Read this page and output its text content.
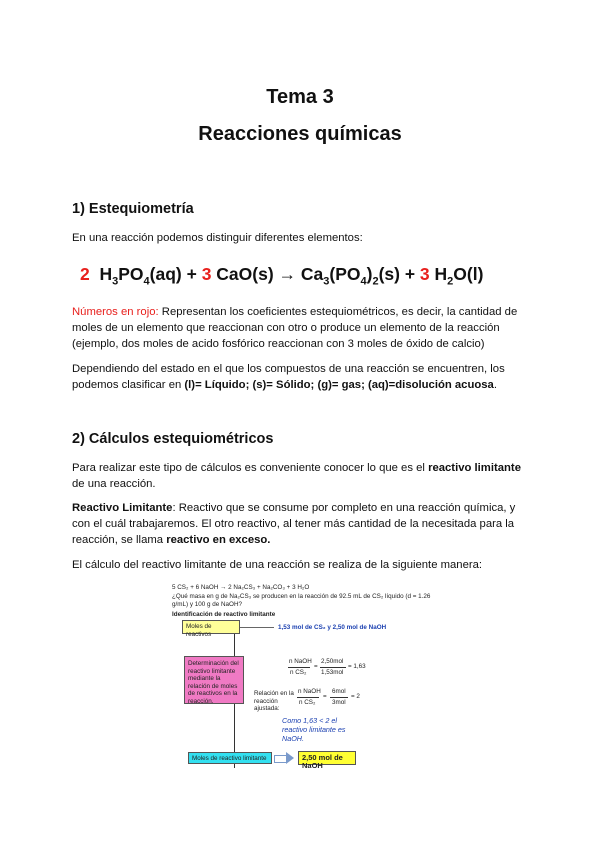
Tema 3
Reacciones químicas
1) Estequiometría
En una reacción podemos distinguir diferentes elementos:
2 $H_3PO_4(aq) + 3$ $CaO(s) \to Ca_3(PO_4)_2(s) + 3$ $H_2O(l)$
Números en rojo: Representan los coeficientes estequiométricos, es decir, la cantidad de moles de un elemento que reaccionan con otro o produce un elemento de la reacción (ejemplo, dos moles de acido fosfórico reaccionan con 3 moles de óxido de calcio)
Dependiendo del estado en el que los compuestos de una reacción se encuentren, los podemos clasificar en (l)= Líquido; (s)= Sólido; (g)= gas; (aq)=disolución acuosa.
2) Cálculos estequiométricos
Para realizar este tipo de cálculos es conveniente conocer lo que es el reactivo limitante de una reacción.
Reactivo Limitante: Reactivo que se consume por completo en una reacción química, y con el cuál trabajaremos. El otro reactivo, al tener más cantidad de la necesitada para la reacción, se llama reactivo en exceso.
El cálculo del reactivo limitante de una reacción se realiza de la siguiente manera:
5 CS₂ + 6 NaOH → 2 Na₂CS₃ + Na₂CO₃ + 3 H₂O
¿Qué masa en g de Na₂CS₃ se producen en la reacción de 92.5 mL de CS₂ líquido (d = 1.26 g/mL) y 100 g de NaOH?
Identificación de reactivo limitante
Moles de reactivos
1,53 mol de CS₂ y 2,50 mol de NaOH
Determinación del reactivo limitante mediante la relación de moles de reactivos en la reacción.
n NaOH
n CS₂
=
2,50mol
1,53mol
= 1,63
Relación en la reacción ajustada:
n NaOH
n CS₂
=
6mol
3mol
= 2
Como 1,63 < 2 el reactivo limitante es NaOH.
Moles de reactivo limitante	2,50 mol de NaOH
